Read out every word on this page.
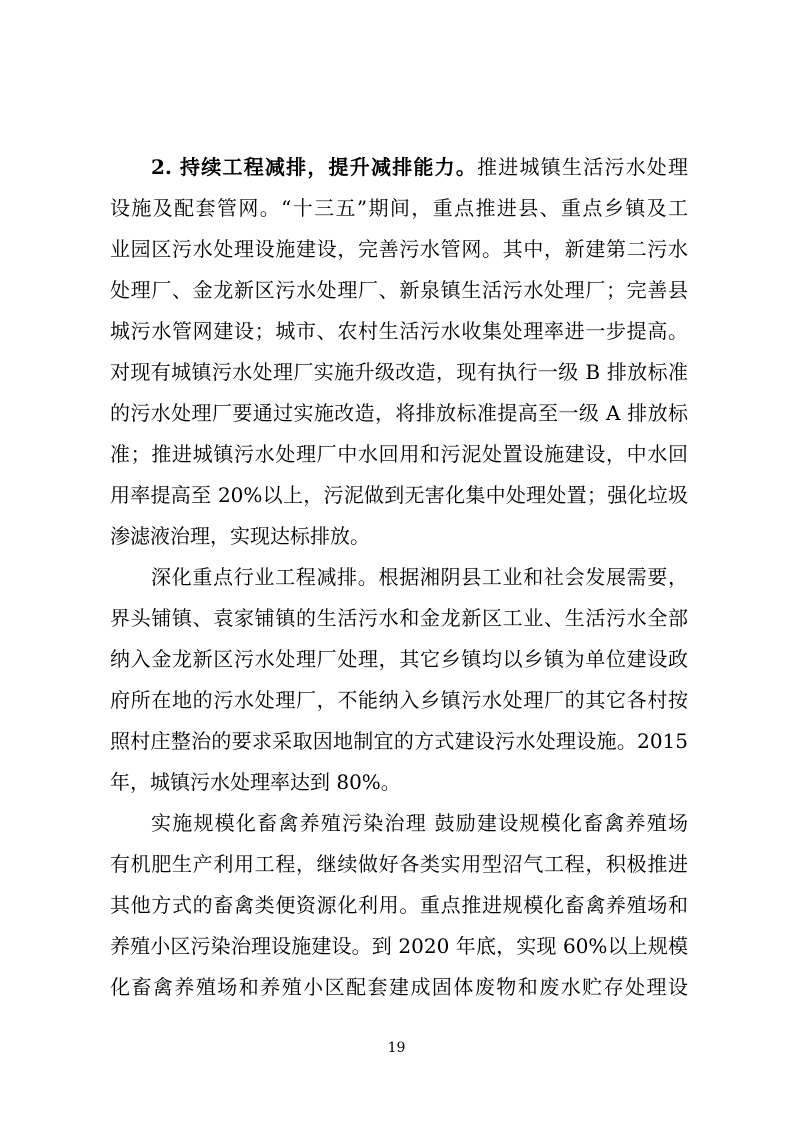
2. 持续工程减排，提升减排能力。推进城镇生活污水处理
设施及配套管网。“十三五”期间，重点推进县、重点乡镇及工
业园区污水处理设施建设，完善污水管网。其中，新建第二污水
处理厂、金龙新区污水处理厂、新泉镇生活污水处理厂；完善县
城污水管网建设；城市、农村生活污水收集处理率进一步提高。
对现有城镇污水处理厂实施升级改造，现有执行一级 B 排放标准
的污水处理厂要通过实施改造，将排放标准提高至一级 A 排放标
准；推进城镇污水处理厂中水回用和污泥处置设施建设，中水回
用率提高至 20%以上，污泥做到无害化集中处理处置；强化垃圾
渗滤液治理，实现达标排放。
深化重点行业工程减排。根据湘阴县工业和社会发展需要，
界头铺镇、袁家铺镇的生活污水和金龙新区工业、生活污水全部
纳入金龙新区污水处理厂处理，其它乡镇均以乡镇为单位建设政
府所在地的污水处理厂，不能纳入乡镇污水处理厂的其它各村按
照村庄整治的要求采取因地制宜的方式建设污水处理设施。2015
年，城镇污水处理率达到 80%。
实施规模化畜禽养殖污染治理 鼓励建设规模化畜禽养殖场
有机肥生产利用工程，继续做好各类实用型沼气工程，积极推进
其他方式的畜禽类便资源化利用。重点推进规模化畜禽养殖场和
养殖小区污染治理设施建设。到 2020 年底，实现 60%以上规模
化畜禽养殖场和养殖小区配套建成固体废物和废水贮存处理设
19
